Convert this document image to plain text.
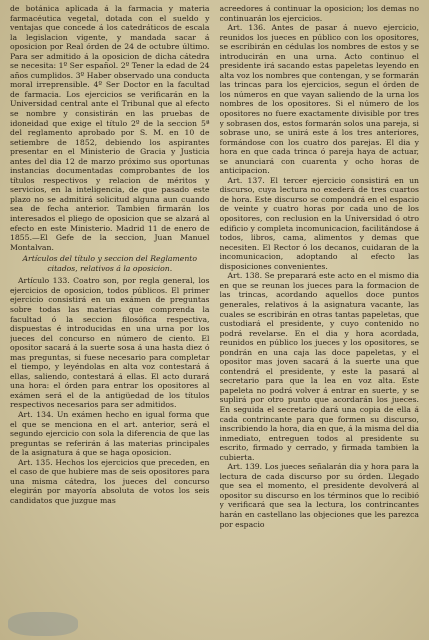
de botánica aplicada á la farmacia y materia farmacéutica vegetal, dotada con el sueldo y ventajas que concede á los catedráticos de escala la legislacion vigente, y mandada sacar á oposicion por Real órden de 24 de octubre último. Para ser admitido á la oposicion de dicha cátedra se necesita: 1º Ser español. 2º Tener la edad de 24 años cumplidos. 3º Haber observado una conducta moral irreprensible. 4º Ser Doctor en la facultad de farmacia. Los ejercicios se verificarán en la Universidad central ante el Tribunal que al efecto se nombre y consistirán en las pruebas de idoneidad que exige el título 2º de la seccion 5ª del reglamento aprobado por S. M. en 10 de setiembre de 1852, debiendo los aspirantes presentar en el Ministerio de Gracia y Justicia antes del dia 12 de marzo próximo sus oportunas instancias documentadas comprobantes de los títulos respectivos y relacion de méritos y servicios, en la inteligencia, de que pasado este plazo no se admitirá solicitud alguna aun cuando sea de fecha anterior. Tambien firmarán los interesados el pliego de oposicion que se alzará al efecto en este Ministerio. Madrid 11 de enero de 1855.—El Gefe de la seccion, Juan Manuel Montalvan.

Artículos del título y seccion del Reglamento citados, relativos á la oposicion.

Artículo 133. Coatro son, por regla general, los ejercicios de oposicion, todos públicos. El primer ejercicio consistirá en un exámen de preguntas sobre todas las materias que comprenda la facultad ó la seccion filosófica respectiva, dispuestas é introducidas en una urna por los jueces del concurso en número de ciento. El opositor sacará á la suerte sosa á una hasta diez ó mas preguntas, si fuese necesario para completar el tiempo, y leyéndolas en alta voz contestará á ellas, saliendo, contestará á ellas. El acto durará una hora: el órden para entrar los opositores al exámen será el de la antigüedad de los títulos respectivos necesarios para ser admitidos.

Art. 134. Un exámen hecho en igual forma que el que se menciona en el art. anterior, será el segundo ejercicio con sola la diferencia de que las preguntas se referirán á las materias principales de la asignatura á que se haga oposicion.

Art. 135. Hechos los ejercicios que preceden, en el caso de que hubiere mas de seis opositores para una misma cátedra, los jueces del concurso elegirán por mayoría absoluta de votos los seis candidatos que juzgue mas

acreedores á continuar la oposicion; los demas no continuarán los ejercicios.

Art. 136. Antes de pasar á nuevo ejercicio, reunidos los jueces en público con los opositores, se escribirán en cédulas los nombres de estos y se introducirán en una urna. Acto continuo el presidente irá sacando estas papeletas leyendo en alta voz los nombres que contengan, y se formarán las trincas para los ejercicios, segun el órden de los números en que vayan saliendo de la urna los nombres de los opositores. Si el número de los opositores no fuere exactamente divisible por tres y sobrasen dos, estos formarán solos una pareja, si sobrase uno, se unirá este á los tres anteriores, formándose con los cuatro dos parejas. El dia y hora en que cada trinca ó pareja haya de actuar, se anunciará con cuarenta y ocho horas de anticipacion.

Art. 137. El tercer ejercicio consistirá en un discurso, cuya lectura no exederá de tres cuartos de hora. Este discurso se compondrá en el espacio de veinte y cuatro horas por cada uno de los opositores, con reclusion en la Universidad ó otro edificio y completa incomunicacion, facilitándose á todos, libros, cama, alimentos y demas que necesiten. El Rector ó los decanos, cuidaran de la incomunicacion, adoptando al efecto las disposiciones convenientes.

Art. 138. Se preparará este acto en el mismo dia en que se reunan los jueces para la formacion de las trincas, acordando aquellos doce puntos generales, relativos á la asignatura vacante, las cuales se escribirán en otras tantas papeletas, que custodiará el presidente, y cuyo contenido no podrá revelarse. En el dia y hora acordada, reunidos en público los jueces y los opositores, se pondrán en una caja las doce papeletas, y el opositor mas joven sacará á la suerte una que contendrá el presidente, y este la pasará al secretario para que la lea en voz alta. Este papeleta no podrá volver á entrar en suerte, y se suplirá por otro punto que acordarán los jueces. En seguida el secretario dará una copia de ella á cada contrincante para que formen su discurso, inscribiendo la hora, dia en que, á la misma del dia inmediato, entreguen todos al presidente su escrito, firmado y cerrado, y firmada tambien la cubierta.

Art. 139. Los jueces señalarán dia y hora para la lectura de cada discurso por su órden. Llegado que sea el momento, el presidente devolverá al opositor su discurso en los términos que lo recibió y verificará que sea la lectura, los contrincantes harán en castellano las objeciones que les parezca por espacio
